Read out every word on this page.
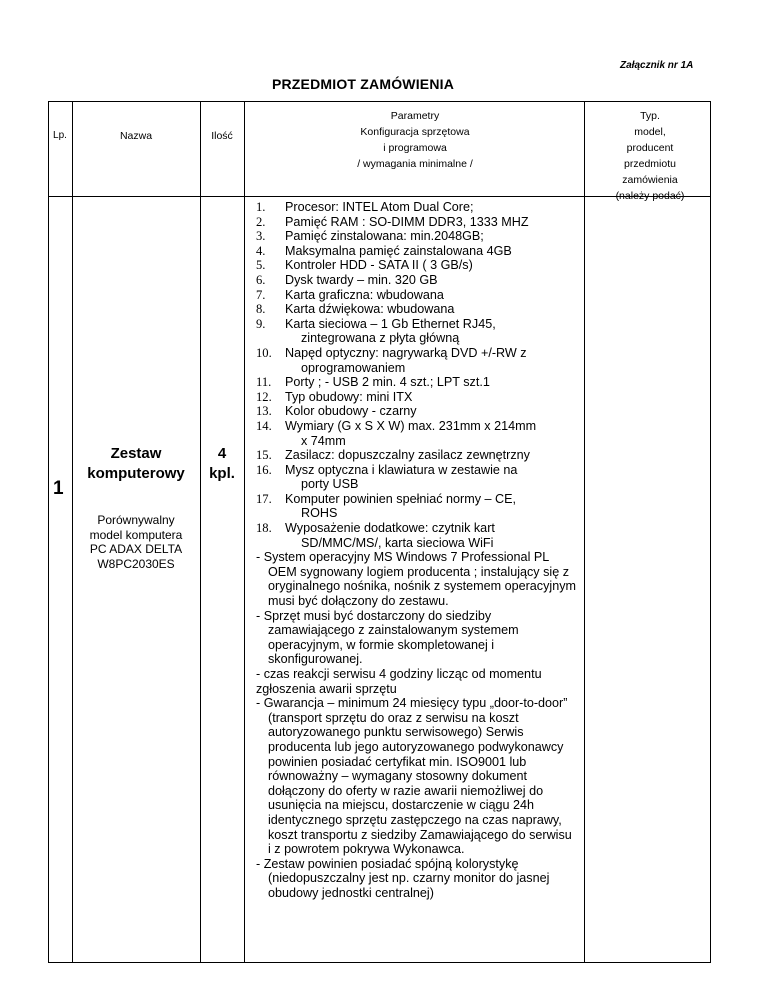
Załącznik nr 1A
PRZEDMIOT ZAMÓWIENIA
Lp.	Nazwa	Ilość
Parametry
Konfiguracja sprzętowa
i programowa
/ wymagania minimalne /
Typ.
model,
producent
przedmiotu
zamówienia
(należy podać)
1
Zestaw
komputerowy
Porównywalny
model komputera
PC ADAX DELTA
W8PC2030ES
4
kpl.
1. Procesor: INTEL Atom Dual Core;
2. Pamięć RAM : SO-DIMM DDR3, 1333 MHZ
3. Pamięć zinstalowana: min.2048GB;
4. Maksymalna pamięć zainstalowana 4GB
5. Kontroler HDD - SATA II ( 3 GB/s)
6. Dysk twardy – min. 320 GB
7. Karta graficzna: wbudowana
8. Karta dźwiękowa: wbudowana
9. Karta sieciowa – 1 Gb Ethernet RJ45,
zintegrowana z płyta główną
10. Napęd optyczny: nagrywarką DVD +/-RW z
oprogramowaniem
11. Porty ; - USB 2 min. 4 szt.; LPT szt.1
12. Typ obudowy: mini ITX
13. Kolor obudowy - czarny
14. Wymiary (G x S X W) max. 231mm x 214mm
x 74mm
15. Zasilacz: dopuszczalny zasilacz zewnętrzny
16. Mysz optyczna i klawiatura w zestawie na
porty USB
17. Komputer powinien spełniać normy – CE,
ROHS
18. Wyposażenie dodatkowe: czytnik kart
SD/MMC/MS/, karta sieciowa WiFi

- System operacyjny MS Windows 7 Professional PL OEM sygnowany logiem producenta ; instalujący się z oryginalnego nośnika, nośnik z systemem operacyjnym musi być dołączony do zestawu.

- Sprzęt musi być dostarczony do siedziby zamawiającego z zainstalowanym systemem operacyjnym, w formie skompletowanej i skonfigurowanej.

- czas reakcji serwisu 4 godziny licząc od momentu zgłoszenia awarii sprzętu

- Gwarancja – minimum 24 miesięcy typu „door-to-door” (transport sprzętu do oraz z serwisu na koszt autoryzowanego punktu serwisowego) Serwis producenta lub jego autoryzowanego podwykonawcy powinien posiadać certyfikat min. ISO9001 lub równoważny – wymagany stosowny dokument dołączony do oferty w razie awarii niemożliwej do usunięcia na miejscu, dostarczenie w ciągu 24h identycznego sprzętu zastępczego na czas naprawy, koszt transportu z siedziby Zamawiającego do serwisu i z powrotem pokrywa Wykonawca.

- Zestaw powinien posiadać spójną kolorystykę (niedopuszczalny jest np. czarny monitor do jasnej obudowy jednostki centralnej)
